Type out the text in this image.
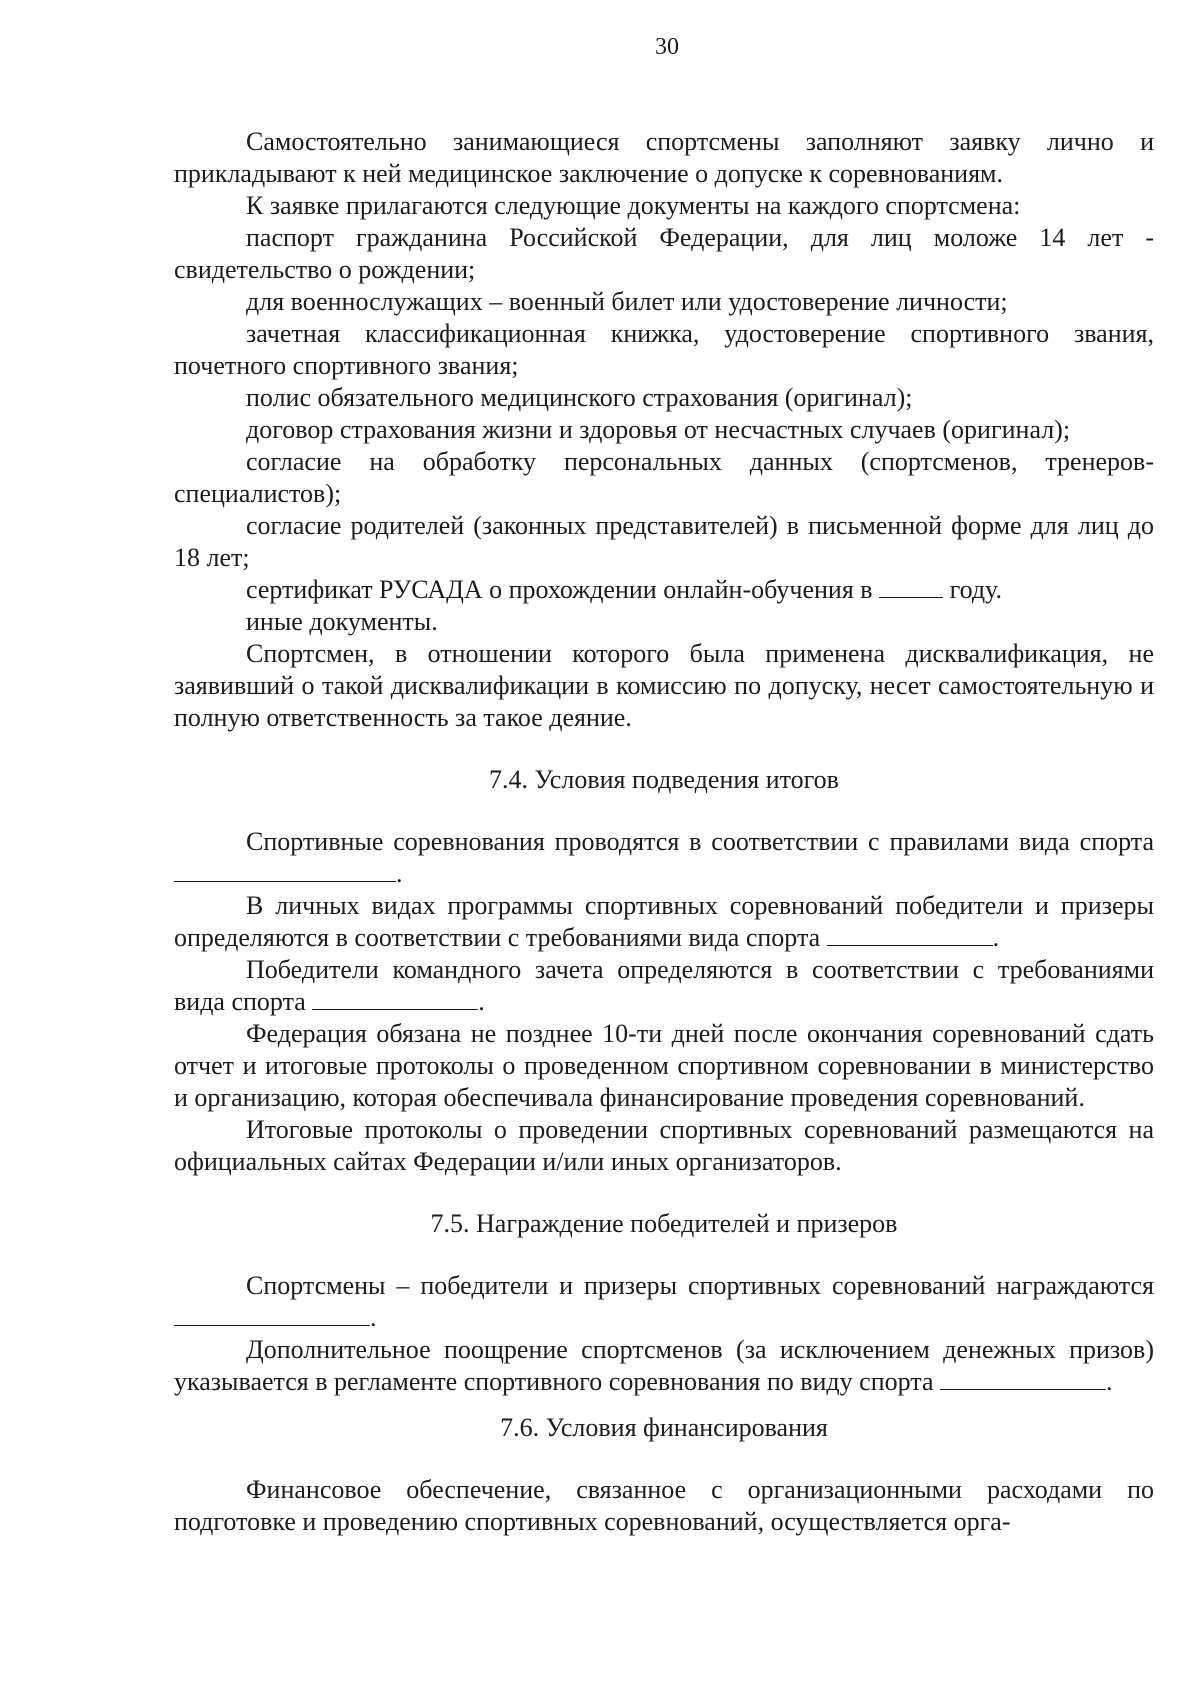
30

Самостоятельно занимающиеся спортсмены заполняют заявку лично и прикладывают к ней медицинское заключение о допуске к соревнованиям.

К заявке прилагаются следующие документы на каждого спортсмена:

паспорт гражданина Российской Федерации, для лиц моложе 14 лет - свидетельство о рождении;

для военнослужащих – военный билет или удостоверение личности;

зачетная классификационная книжка, удостоверение спортивного звания, почетного спортивного звания;

полис обязательного медицинского страхования (оригинал);

договор страхования жизни и здоровья от несчастных случаев (оригинал);

согласие на обработку персональных данных (спортсменов, тренеров-специалистов);

согласие родителей (законных представителей) в письменной форме для лиц до 18 лет;

сертификат РУСАДА о прохождении онлайн-обучения в	году.

иные документы.

Спортсмен, в отношении которого была применена дисквалификация, не заявивший о такой дисквалификации в комиссию по допуску, несет самостоятельную и полную ответственность за такое деяние.

7.4. Условия подведения итогов

Спортивные соревнования проводятся в соответствии с правилами вида спорта .

В личных видах программы спортивных соревнований победители и призеры определяются в соответствии с требованиями вида спорта	.

Победители командного зачета определяются в соответствии с требованиями вида спорта	.

Федерация обязана не позднее 10-ти дней после окончания соревнований сдать отчет и итоговые протоколы о проведенном спортивном соревновании в министерство и организацию, которая обеспечивала финансирование проведения соревнований.

Итоговые протоколы о проведении спортивных соревнований размещаются на официальных сайтах Федерации и/или иных организаторов.

7.5. Награждение победителей и призеров

Спортсмены – победители и призеры спортивных соревнований награждаются .

Дополнительное поощрение спортсменов (за исключением денежных призов) указывается в регламенте спортивного соревнования по виду спорта	.

7.6. Условия финансирования

Финансовое обеспечение, связанное с организационными расходами по подготовке и проведению спортивных соревнований, осуществляется орга-
